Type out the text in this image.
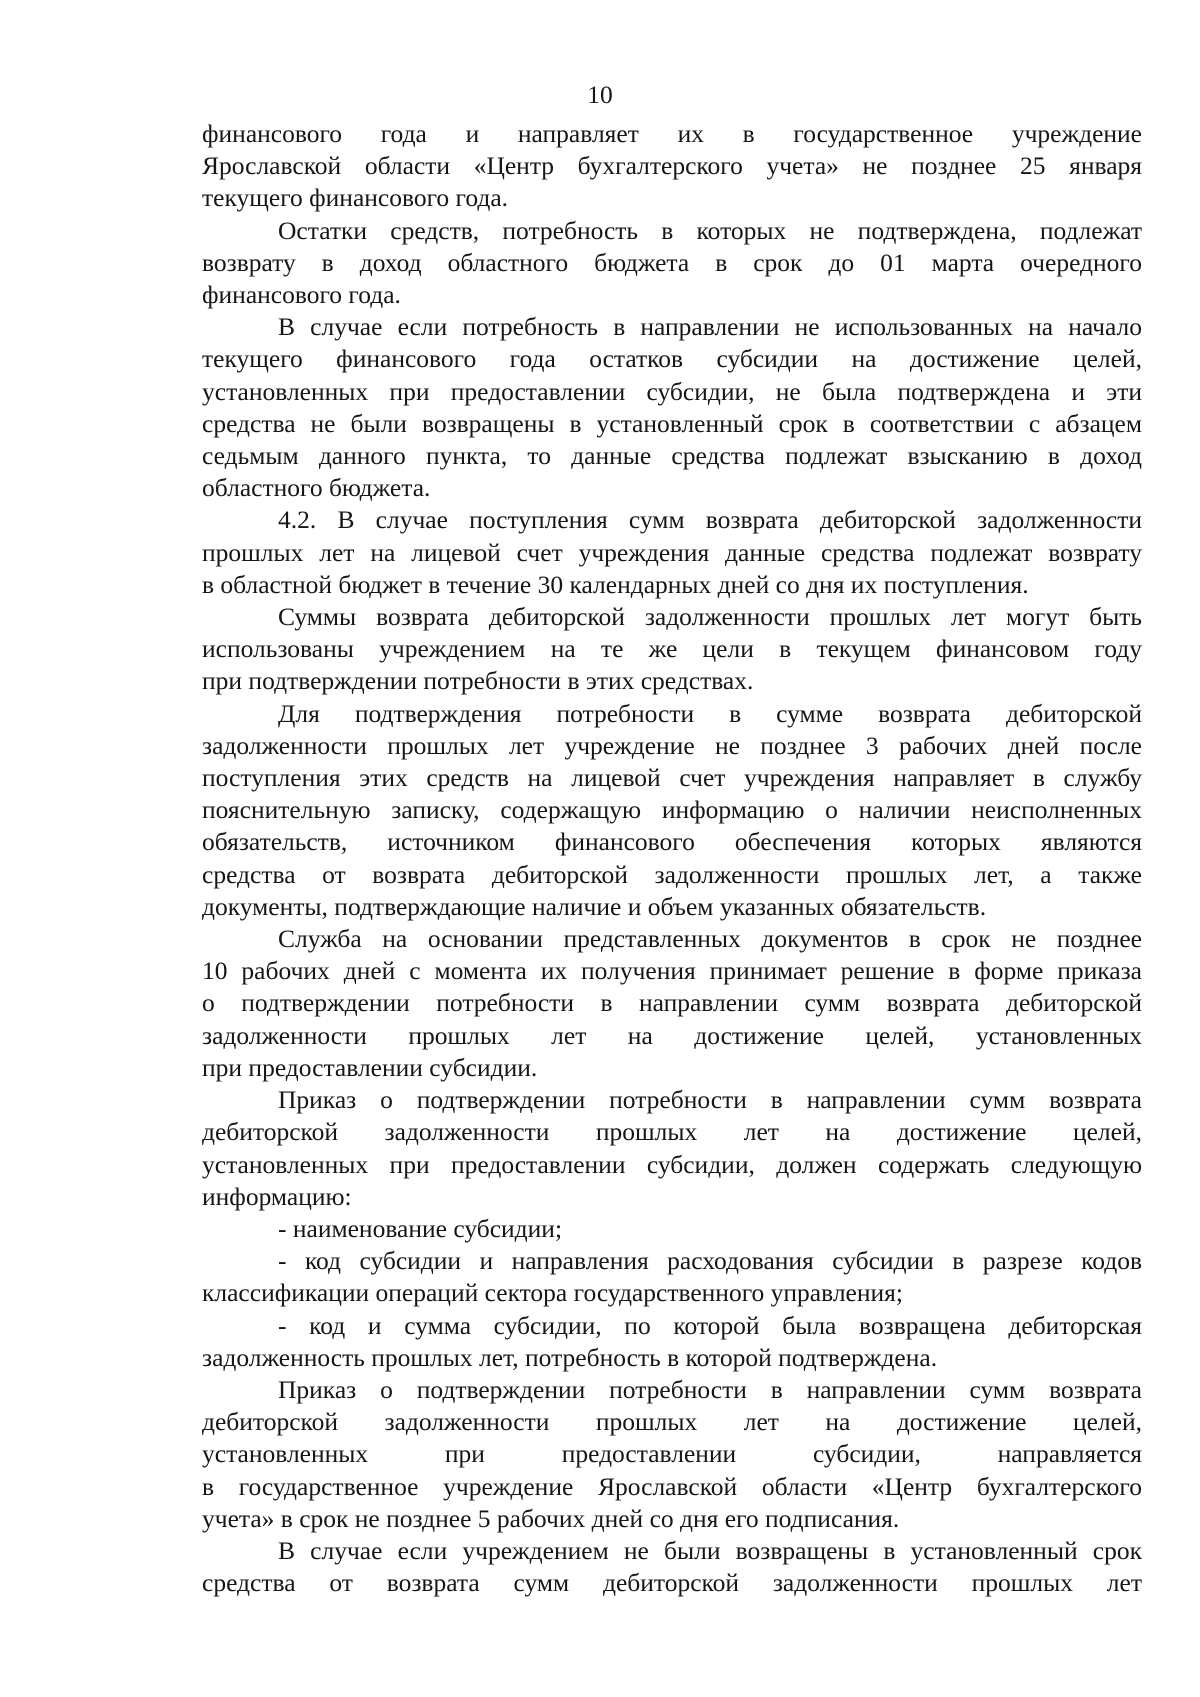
10

финансового года и направляет их в государственное учреждение
Ярославской области «Центр бухгалтерского учета» не позднее 25 января
текущего финансового года.

Остатки средств, потребность в которых не подтверждена, подлежат
возврату в доход областного бюджета в срок до 01 марта очередного
финансового года.

В случае если потребность в направлении не использованных на начало
текущего финансового года остатков субсидии на достижение целей,
установленных при предоставлении субсидии, не была подтверждена и эти
средства не были возвращены в установленный срок в соответствии с абзацем
седьмым данного пункта, то данные средства подлежат взысканию в доход
областного бюджета.

4.2. В случае поступления сумм возврата дебиторской задолженности
прошлых лет на лицевой счет учреждения данные средства подлежат возврату
в областной бюджет в течение 30 календарных дней со дня их поступления.

Суммы возврата дебиторской задолженности прошлых лет могут быть
использованы учреждением на те же цели в текущем финансовом году
при подтверждении потребности в этих средствах.

Для подтверждения потребности в сумме возврата дебиторской
задолженности прошлых лет учреждение не позднее 3 рабочих дней после
поступления этих средств на лицевой счет учреждения направляет в службу
пояснительную записку, содержащую информацию о наличии неисполненных
обязательств, источником финансового обеспечения которых являются
средства от возврата дебиторской задолженности прошлых лет, а также
документы, подтверждающие наличие и объем указанных обязательств.

Служба на основании представленных документов в срок не позднее
10 рабочих дней с момента их получения принимает решение в форме приказа
о подтверждении потребности в направлении сумм возврата дебиторской
задолженности прошлых лет на достижение целей, установленных
при предоставлении субсидии.

Приказ о подтверждении потребности в направлении сумм возврата
дебиторской задолженности прошлых лет на достижение целей,
установленных при предоставлении субсидии, должен содержать следующую
информацию:

- наименование субсидии;

- код субсидии и направления расходования субсидии в разрезе кодов
классификации операций сектора государственного управления;

- код и сумма субсидии, по которой была возвращена дебиторская
задолженность прошлых лет, потребность в которой подтверждена.

Приказ о подтверждении потребности в направлении сумм возврата
дебиторской задолженности прошлых лет на достижение целей,
установленных при предоставлении субсидии, направляется
в государственное учреждение Ярославской области «Центр бухгалтерского
учета» в срок не позднее 5 рабочих дней со дня его подписания.

В случае если учреждением не были возвращены в установленный срок
средства от возврата сумм дебиторской задолженности прошлых лет
